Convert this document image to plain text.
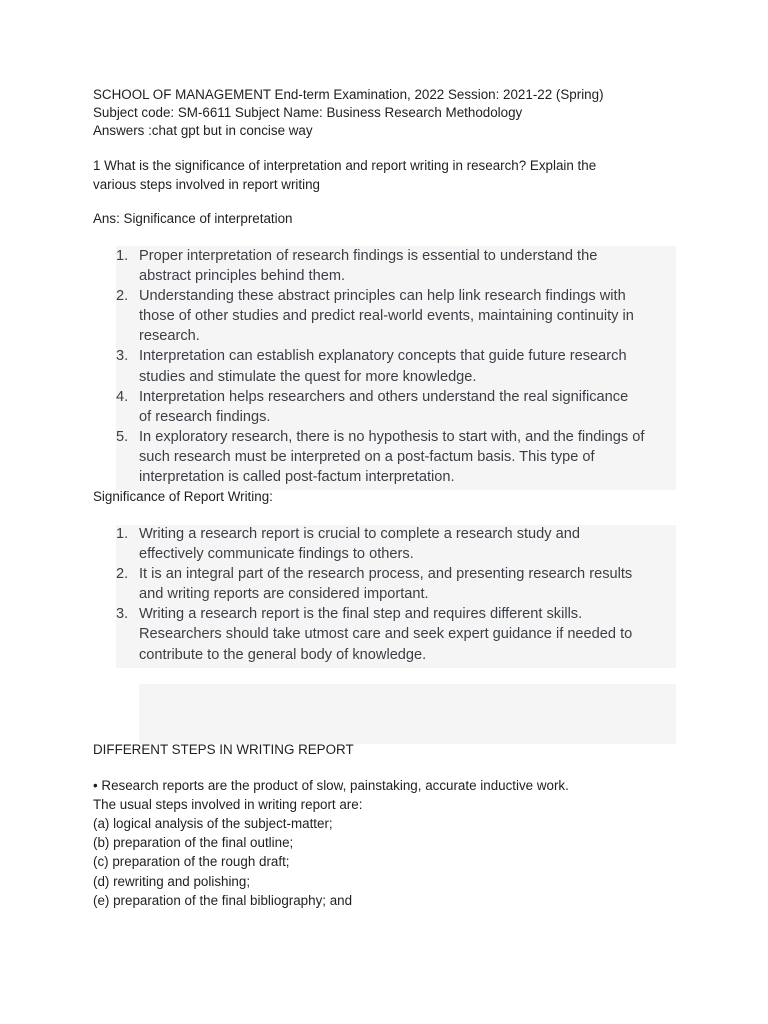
SCHOOL OF MANAGEMENT End-term Examination, 2022 Session: 2021-22 (Spring)
Subject code: SM-6611 Subject Name: Business Research Methodology
Answers :chat gpt but in concise way
1 What is the significance of interpretation and report writing in research? Explain the
various steps involved in report writing
Ans: Significance of interpretation
1. Proper interpretation of research findings is essential to understand the
abstract principles behind them.
2. Understanding these abstract principles can help link research findings with
those of other studies and predict real-world events, maintaining continuity in
research.
3. Interpretation can establish explanatory concepts that guide future research
studies and stimulate the quest for more knowledge.
4. Interpretation helps researchers and others understand the real significance
of research findings.
5. In exploratory research, there is no hypothesis to start with, and the findings of
such research must be interpreted on a post-factum basis. This type of
interpretation is called post-factum interpretation.
Significance of Report Writing:
1. Writing a research report is crucial to complete a research study and
effectively communicate findings to others.
2. It is an integral part of the research process, and presenting research results
and writing reports are considered important.
3. Writing a research report is the final step and requires different skills.
Researchers should take utmost care and seek expert guidance if needed to
contribute to the general body of knowledge.
DIFFERENT STEPS IN WRITING REPORT
• Research reports are the product of slow, painstaking, accurate inductive work.
The usual steps involved in writing report are:
(a) logical analysis of the subject-matter;
(b) preparation of the final outline;
(c) preparation of the rough draft;
(d) rewriting and polishing;
(e) preparation of the final bibliography; and
